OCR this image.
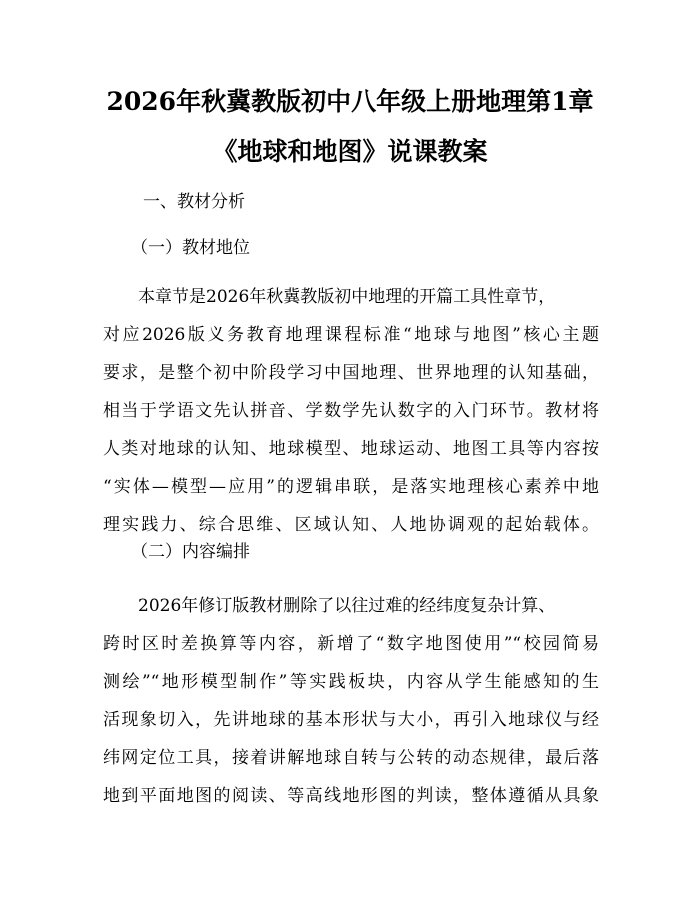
2026年秋冀教版初中八年级上册地理第1章
《地球和地图》说课教案
一、教材分析
（一）教材地位
本章节是2026年秋冀教版初中地理的开篇工具性章节，
对应2026版义务教育地理课程标准“地球与地图”核心主题
要求，是整个初中阶段学习中国地理、世界地理的认知基础，
相当于学语文先认拼音、学数学先认数字的入门环节。教材将
人类对地球的认知、地球模型、地球运动、地图工具等内容按
“实体—模型—应用”的逻辑串联，是落实地理核心素养中地
理实践力、综合思维、区域认知、人地协调观的起始载体。
（二）内容编排
2026年修订版教材删除了以往过难的经纬度复杂计算、
跨时区时差换算等内容，新增了“数字地图使用”“校园简易
测绘”“地形模型制作”等实践板块，内容从学生能感知的生
活现象切入，先讲地球的基本形状与大小，再引入地球仪与经
纬网定位工具，接着讲解地球自转与公转的动态规律，最后落
地到平面地图的阅读、等高线地形图的判读，整体遵循从具象
